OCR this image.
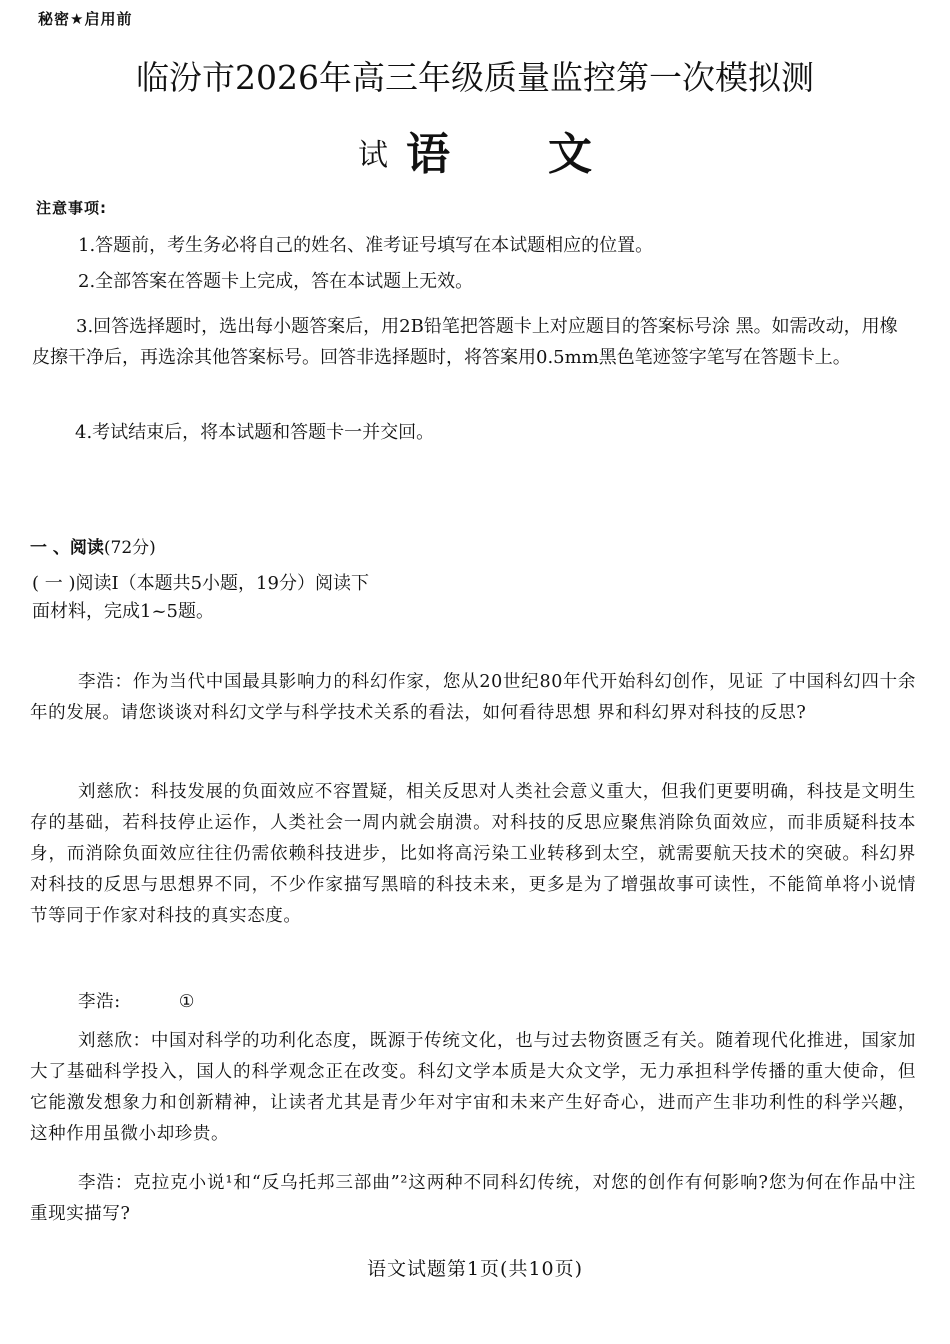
秘密★启用前
临汾市2026年高三年级质量监控第一次模拟测
试 语 文
注意事项:
1.答题前，考生务必将自己的姓名、准考证号填写在本试题相应的位置。
2.全部答案在答题卡上完成，答在本试题上无效。
3.回答选择题时，选出每小题答案后，用2B铅笔把答题卡上对应题目的答案标号涂 黑。如需改动，用橡皮擦干净后，再选涂其他答案标号。回答非选择题时，将答案用0.5mm黑色笔迹签字笔写在答题卡上。
4.考试结束后，将本试题和答题卡一并交回。
一 、阅读(72分)
( 一 )阅读Ⅰ（本题共5小题，19分）阅读下面材料，完成1~5题。
李浩：作为当代中国最具影响力的科幻作家，您从20世纪80年代开始科幻创作，见证 了中国科幻四十余年的发展。请您谈谈对科幻文学与科学技术关系的看法，如何看待思想 界和科幻界对科技的反思?
刘慈欣：科技发展的负面效应不容置疑，相关反思对人类社会意义重大，但我们更要明确，科技是文明生存的基础，若科技停止运作，人类社会一周内就会崩溃。对科技的反思应聚焦消除负面效应，而非质疑科技本身，而消除负面效应往往仍需依赖科技进步，比如将高污染工业转移到太空，就需要航天技术的突破。科幻界对科技的反思与思想界不同，不少作家描写黑暗的科技未来，更多是为了增强故事可读性，不能简单将小说情节等同于作家对科技的真实态度。
李浩:	①
刘慈欣：中国对科学的功利化态度，既源于传统文化，也与过去物资匮乏有关。随着现代化推进，国家加大了基础科学投入，国人的科学观念正在改变。科幻文学本质是大众文学，无力承担科学传播的重大使命，但它能激发想象力和创新精神，让读者尤其是青少年对宇宙和未来产生好奇心，进而产生非功利性的科学兴趣，这种作用虽微小却珍贵。
李浩：克拉克小说¹和“反乌托邦三部曲”²这两种不同科幻传统，对您的创作有何影响?您为何在作品中注重现实描写?
语文试题第1页(共10页)
